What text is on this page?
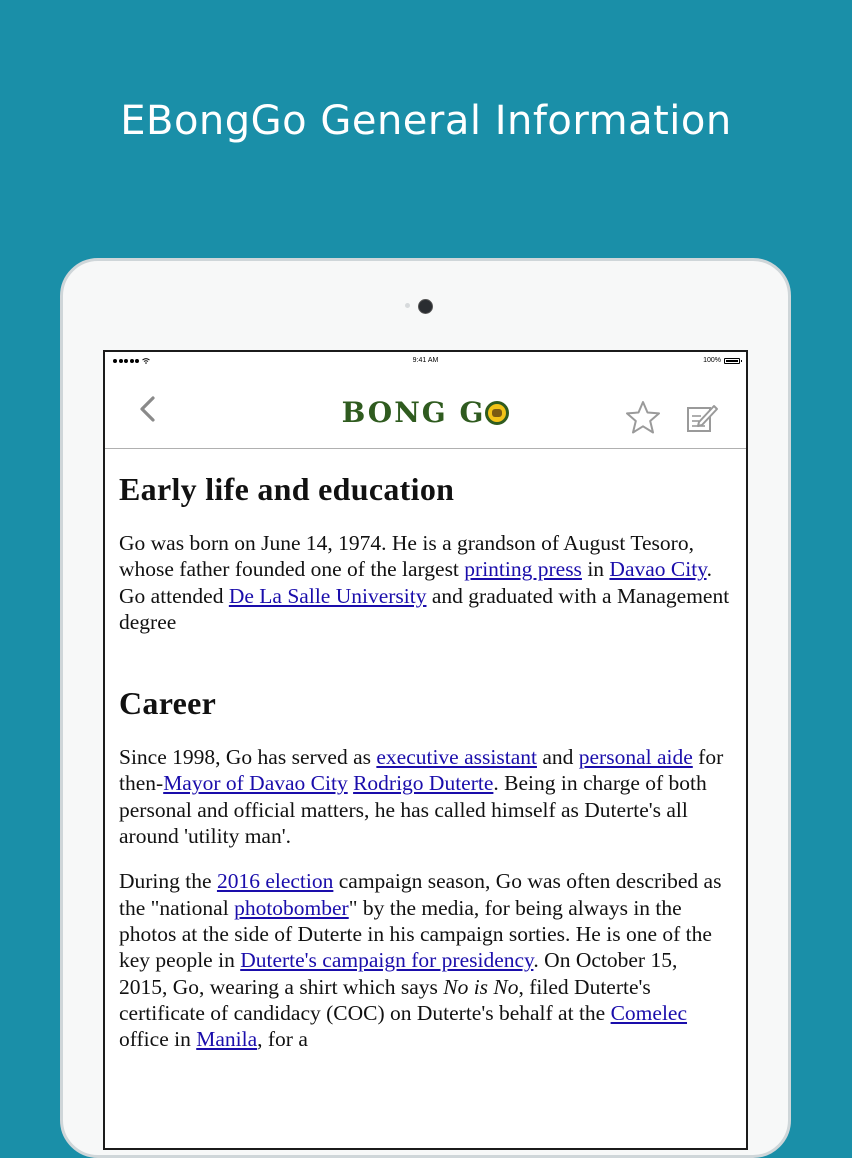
EBongGo General Information
9:41 AM	100%
BONG G
Early life and education

Go was born on June 14, 1974. He is a grandson of August Tesoro, whose father founded one of the largest printing press in Davao City. Go attended De La Salle University and graduated with a Management degree

Career

Since 1998, Go has served as executive assistant and personal aide for then-Mayor of Davao City Rodrigo Duterte. Being in charge of both personal and official matters, he has called himself as Duterte's all around 'utility man'.

During the 2016 election campaign season, Go was often described as the "national photobomber" by the media, for being always in the photos at the side of Duterte in his campaign sorties. He is one of the key people in Duterte's campaign for presidency. On October 15, 2015, Go, wearing a shirt which says No is No, filed Duterte's certificate of candidacy (COC) on Duterte's behalf at the Comelec office in Manila, for a
